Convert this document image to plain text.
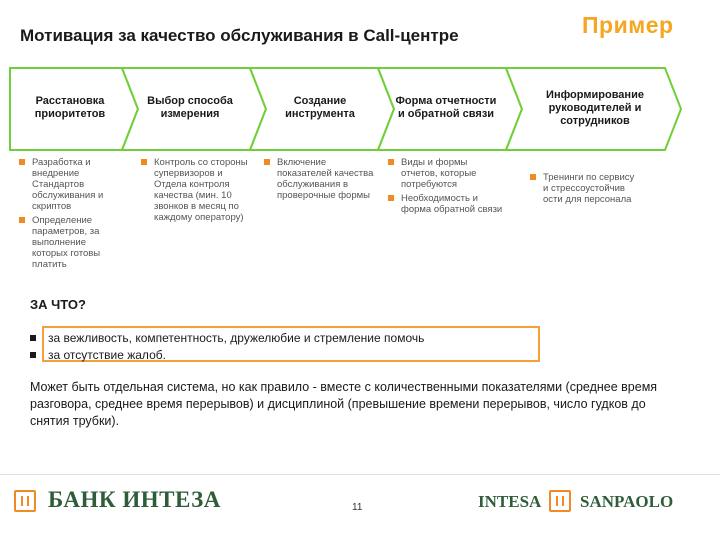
Мотивация за качество обслуживания в Call-центре	Пример
Расстановка приоритетов
Выбор способа измерения
Создание инструмента
Форма отчетности и обратной связи
Информирование руководителей и сотрудников
Разработка и внедрение Стандартов обслуживания и скриптов
Определение параметров, за выполнение которых готовы платить
Контроль со стороны супервизоров и Отдела контроля качества (мин. 10 звонков в месяц по каждому оператору)
Включение показателей качества обслуживания в проверочные формы
Виды и формы отчетов, которые потребуются
Необходимость и форма обратной связи
Тренинги по сервису и стрессоустойчив ости для персонала
ЗА ЧТО?
за вежливость, компетентность, дружелюбие и стремление помочь
за отсутствие жалоб.
Может быть отдельная система, но как правило - вместе с количественными показателями (среднее время разговора, среднее время перерывов) и дисциплиной (превышение времени перерывов, число гудков до снятия трубки).
БАНК ИНТЕЗА	11	INTESA SANPAOLO
